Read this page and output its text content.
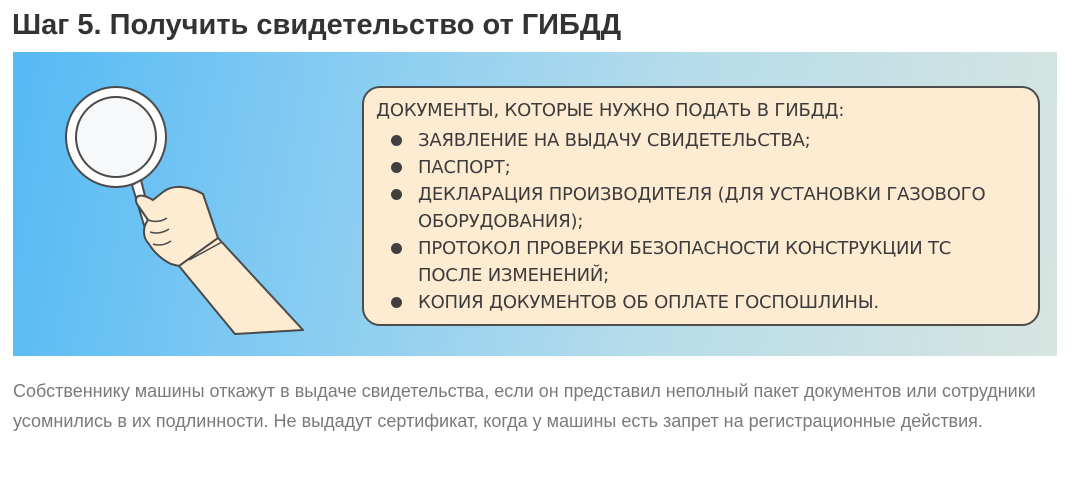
Шаг 5. Получить свидетельство от ГИБДД
ДОКУМЕНТЫ, КОТОРЫЕ НУЖНО ПОДАТЬ В ГИБДД:
ЗАЯВЛЕНИЕ НА ВЫДАЧУ СВИДЕТЕЛЬСТВА;
ПАСПОРТ;
ДЕКЛАРАЦИЯ ПРОИЗВОДИТЕЛЯ (ДЛЯ УСТАНОВКИ ГАЗОВОГО
ОБОРУДОВАНИЯ);
ПРОТОКОЛ ПРОВЕРКИ БЕЗОПАСНОСТИ КОНСТРУКЦИИ ТС
ПОСЛЕ ИЗМЕНЕНИЙ;
КОПИЯ ДОКУМЕНТОВ ОБ ОПЛАТЕ ГОСПОШЛИНЫ.

Собственнику машины откажут в выдаче свидетельства, если он представил неполный пакет документов или сотрудники усомнились в их подлинности. Не выдадут сертификат, когда у машины есть запрет на регистрационные действия.
